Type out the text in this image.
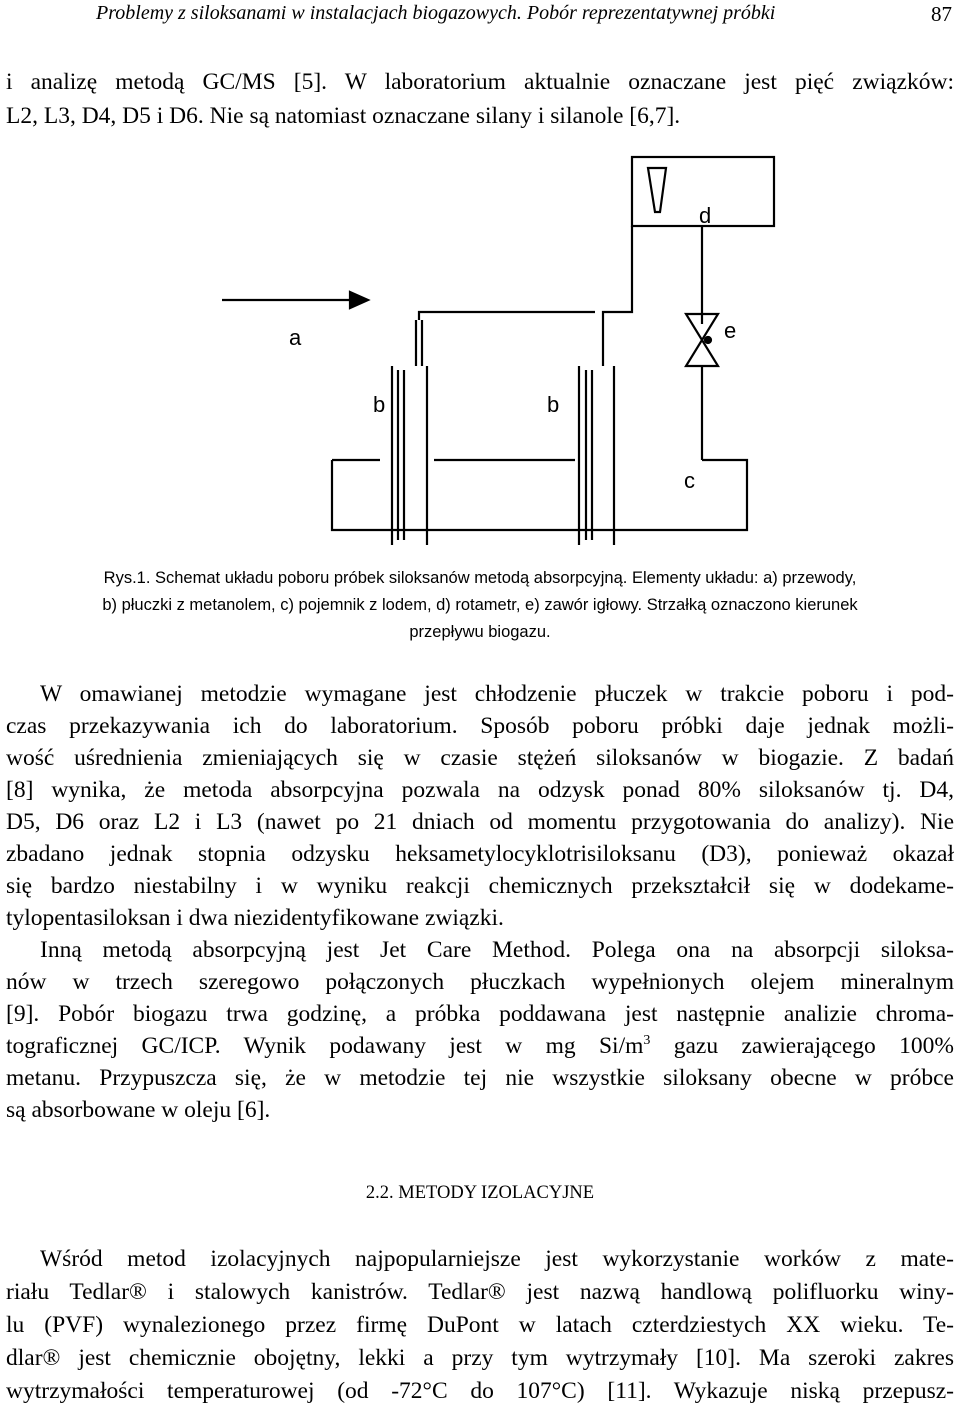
Problemy z siloksanami w instalacjach biogazowych. Pobór reprezentatywnej próbki	87
i analizę metodą GC/MS [5]. W laboratorium aktualnie oznaczane jest pięć związków:
L2, L3, D4, D5 i D6. Nie są natomiast oznaczane silany i silanole [6,7].
a
b	b
c
d
e
Rys.1. Schemat układu poboru próbek siloksanów metodą absorpcyjną. Elementy układu: a) przewody,
b) płuczki z metanolem, c) pojemnik z lodem, d) rotametr, e) zawór igłowy. Strzałką oznaczono kierunek
przepływu biogazu.
W omawianej metodzie wymagane jest chłodzenie płuczek w trakcie poboru i pod-
czas przekazywania ich do laboratorium. Sposób poboru próbki daje jednak możli-
wość uśrednienia zmieniających się w czasie stężeń siloksanów w biogazie. Z badań
[8] wynika, że metoda absorpcyjna pozwala na odzysk ponad 80% siloksanów tj. D4,
D5, D6 oraz L2 i L3 (nawet po 21 dniach od momentu przygotowania do analizy). Nie
zbadano jednak stopnia odzysku heksametylocyklotrisiloksanu (D3), ponieważ okazał
się bardzo niestabilny i w wyniku reakcji chemicznych przekształcił się w dodekame-
tylopentasiloksan i dwa niezidentyfikowane związki.
Inną metodą absorpcyjną jest Jet Care Method. Polega ona na absorpcji siloksa-
nów w trzech szeregowo połączonych płuczkach wypełnionych olejem mineralnym
[9]. Pobór biogazu trwa godzinę, a próbka poddawana jest następnie analizie chroma-
tograficznej GC/ICP. Wynik podawany jest w mg $Si/m^3$ gazu zawierającego 100%
metanu. Przypuszcza się, że w metodzie tej nie wszystkie siloksany obecne w próbce
są absorbowane w oleju [6].
2.2. METODY IZOLACYJNE
Wśród metod izolacyjnych najpopularniejsze jest wykorzystanie worków z mate-
riału Tedlar® i stalowych kanistrów. Tedlar® jest nazwą handlową polifluorku winy-
lu (PVF) wynalezionego przez firmę DuPont w latach czterdziestych XX wieku. Te-
dlar® jest chemicznie obojętny, lekki a przy tym wytrzymały [10]. Ma szeroki zakres
wytrzymałości temperaturowej (od -72°C do 107°C) [11]. Wykazuje niską przepusz-
